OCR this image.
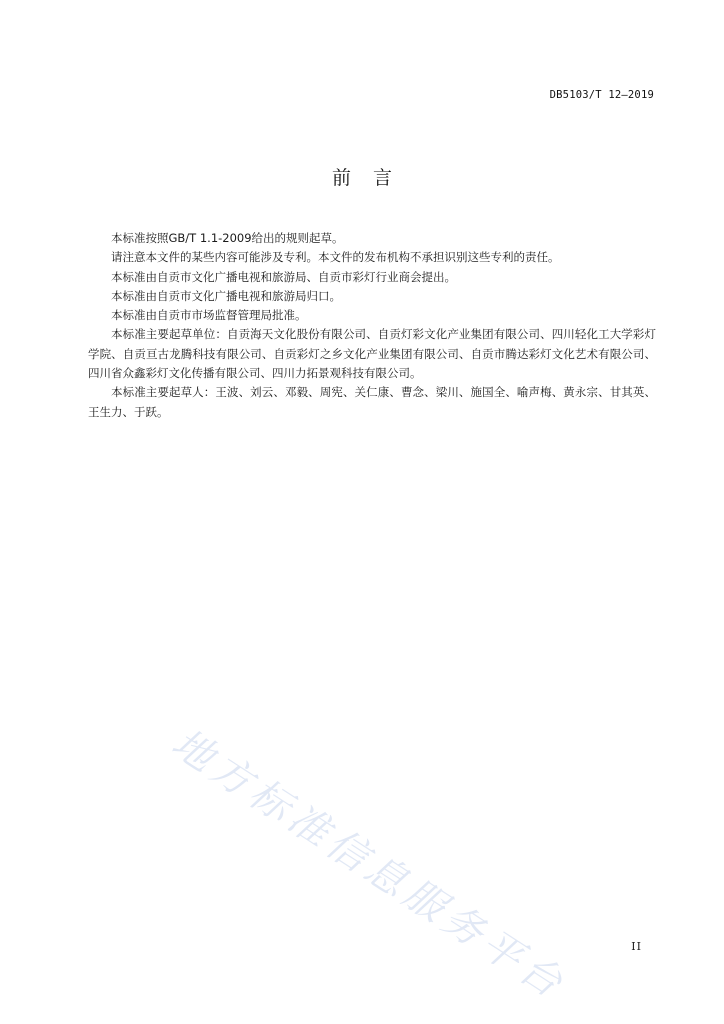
DB5103/T 12—2019
前言

本标准按照GB/T 1.1-2009给出的规则起草。

请注意本文件的某些内容可能涉及专利。本文件的发布机构不承担识别这些专利的责任。

本标准由自贡市文化广播电视和旅游局、自贡市彩灯行业商会提出。

本标准由自贡市文化广播电视和旅游局归口。

本标准由自贡市市场监督管理局批准。

本标准主要起草单位：自贡海天文化股份有限公司、自贡灯彩文化产业集团有限公司、四川轻化工大学彩灯学院、自贡亘古龙腾科技有限公司、自贡彩灯之乡文化产业集团有限公司、自贡市腾达彩灯文化艺术有限公司、四川省众鑫彩灯文化传播有限公司、四川力拓景观科技有限公司。

本标准主要起草人：王波、刘云、邓毅、周宪、关仁康、曹念、梁川、施国全、喻声梅、黄永宗、甘其英、王生力、于跃。

地方标准信息服务平台	II
